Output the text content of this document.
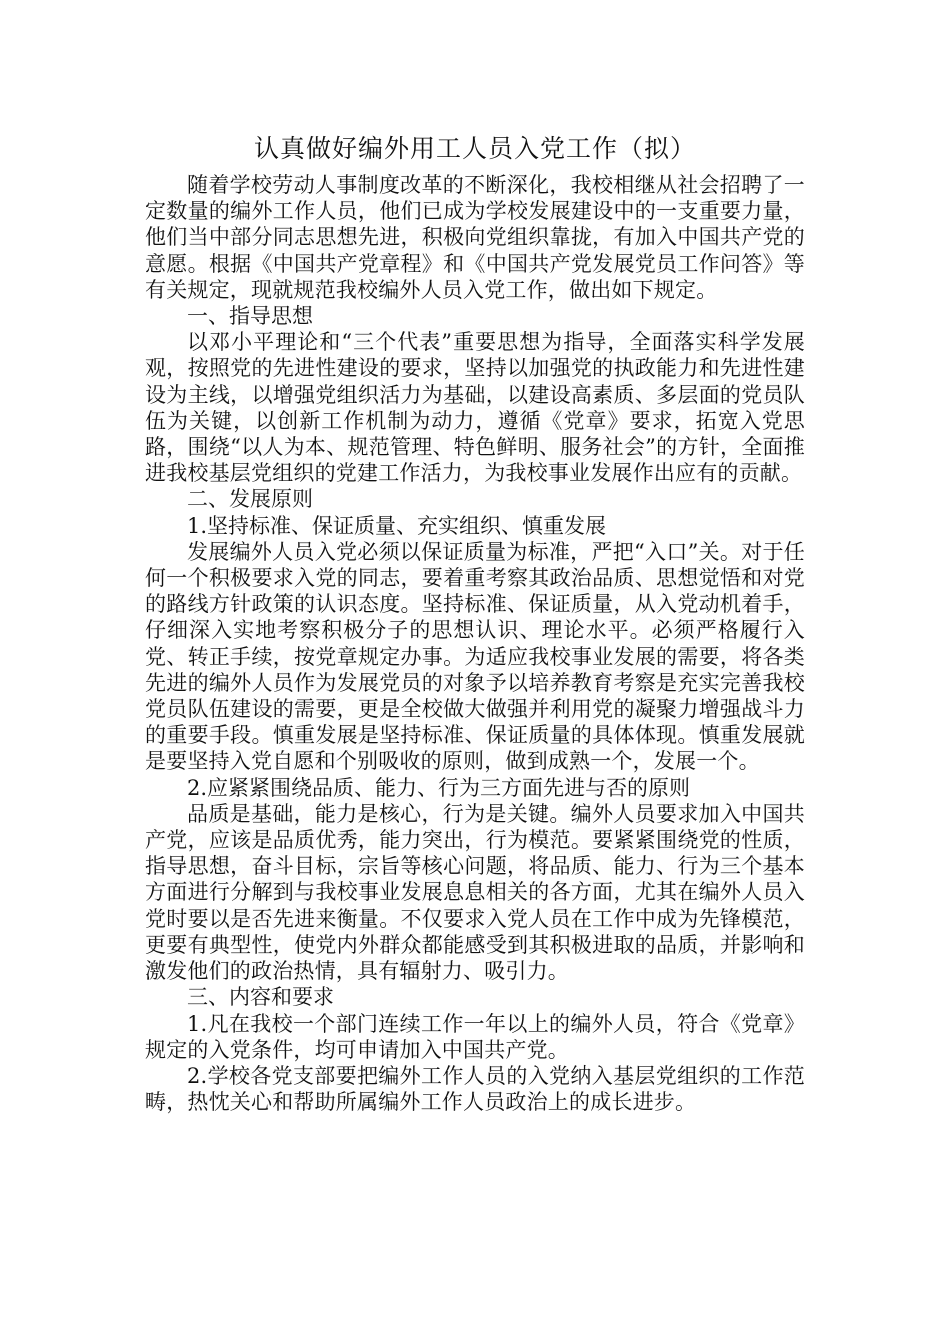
认真做好编外用工人员入党工作（拟）

随着学校劳动人事制度改革的不断深化，我校相继从社会招聘了一定数量的编外工作人员，他们已成为学校发展建设中的一支重要力量，他们当中部分同志思想先进，积极向党组织靠拢，有加入中国共产党的意愿。根据《中国共产党章程》和《中国共产党发展党员工作问答》等有关规定，现就规范我校编外人员入党工作，做出如下规定。

一、指导思想

以邓小平理论和“三个代表”重要思想为指导，全面落实科学发展观，按照党的先进性建设的要求，坚持以加强党的执政能力和先进性建设为主线，以增强党组织活力为基础，以建设高素质、多层面的党员队伍为关键，以创新工作机制为动力，遵循《党章》要求，拓宽入党思路，围绕“以人为本、规范管理、特色鲜明、服务社会”的方针，全面推进我校基层党组织的党建工作活力，为我校事业发展作出应有的贡献。

二、发展原则

1.坚持标准、保证质量、充实组织、慎重发展

发展编外人员入党必须以保证质量为标准，严把“入口”关。对于任何一个积极要求入党的同志，要着重考察其政治品质、思想觉悟和对党的路线方针政策的认识态度。坚持标准、保证质量，从入党动机着手，仔细深入实地考察积极分子的思想认识、理论水平。必须严格履行入党、转正手续，按党章规定办事。为适应我校事业发展的需要，将各类先进的编外人员作为发展党员的对象予以培养教育考察是充实完善我校党员队伍建设的需要，更是全校做大做强并利用党的凝聚力增强战斗力的重要手段。慎重发展是坚持标准、保证质量的具体体现。慎重发展就是要坚持入党自愿和个别吸收的原则，做到成熟一个，发展一个。

2.应紧紧围绕品质、能力、行为三方面先进与否的原则

品质是基础，能力是核心，行为是关键。编外人员要求加入中国共产党，应该是品质优秀，能力突出，行为模范。要紧紧围绕党的性质，指导思想，奋斗目标，宗旨等核心问题，将品质、能力、行为三个基本方面进行分解到与我校事业发展息息相关的各方面，尤其在编外人员入党时要以是否先进来衡量。不仅要求入党人员在工作中成为先锋模范，更要有典型性，使党内外群众都能感受到其积极进取的品质，并影响和激发他们的政治热情，具有辐射力、吸引力。

三、内容和要求

1.凡在我校一个部门连续工作一年以上的编外人员，符合《党章》规定的入党条件，均可申请加入中国共产党。

2.学校各党支部要把编外工作人员的入党纳入基层党组织的工作范畴，热忱关心和帮助所属编外工作人员政治上的成长进步。
